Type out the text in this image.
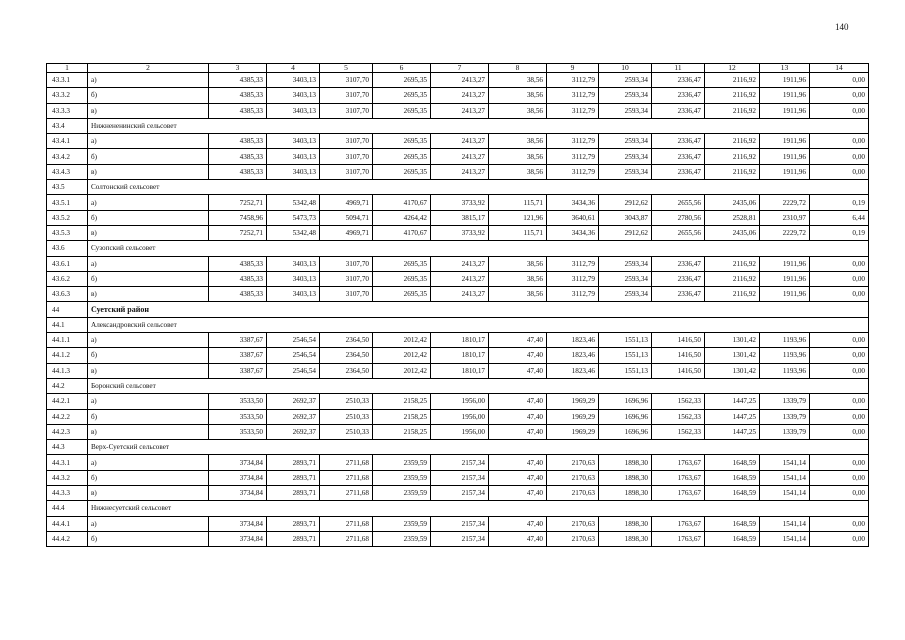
140
1	2	3	4	5	6	7	8	9	10	11	12	13	14
43.3.1	а)	4385,33	3403,13	3107,70	2695,35	2413,27	38,56	3112,79	2593,34	2336,47	2116,92	1911,96	0,00
43.3.2	б)	4385,33	3403,13	3107,70	2695,35	2413,27	38,56	3112,79	2593,34	2336,47	2116,92	1911,96	0,00
43.3.3	в)	4385,33	3403,13	3107,70	2695,35	2413,27	38,56	3112,79	2593,34	2336,47	2116,92	1911,96	0,00
43.4	Нижнененинский сельсовет												
43.4.1	а)	4385,33	3403,13	3107,70	2695,35	2413,27	38,56	3112,79	2593,34	2336,47	2116,92	1911,96	0,00
43.4.2	б)	4385,33	3403,13	3107,70	2695,35	2413,27	38,56	3112,79	2593,34	2336,47	2116,92	1911,96	0,00
43.4.3	в)	4385,33	3403,13	3107,70	2695,35	2413,27	38,56	3112,79	2593,34	2336,47	2116,92	1911,96	0,00
43.5	Солтонский сельсовет												
43.5.1	а)	7252,71	5342,48	4969,71	4170,67	3733,92	115,71	3434,36	2912,62	2655,56	2435,06	2229,72	0,19
43.5.2	б)	7458,96	5473,73	5094,71	4264,42	3815,17	121,96	3640,61	3043,87	2780,56	2528,81	2310,97	6,44
43.5.3	в)	7252,71	5342,48	4969,71	4170,67	3733,92	115,71	3434,36	2912,62	2655,56	2435,06	2229,72	0,19
43.6	Сузопский сельсовет												
43.6.1	а)	4385,33	3403,13	3107,70	2695,35	2413,27	38,56	3112,79	2593,34	2336,47	2116,92	1911,96	0,00
43.6.2	б)	4385,33	3403,13	3107,70	2695,35	2413,27	38,56	3112,79	2593,34	2336,47	2116,92	1911,96	0,00
43.6.3	в)	4385,33	3403,13	3107,70	2695,35	2413,27	38,56	3112,79	2593,34	2336,47	2116,92	1911,96	0,00
44	Суетский район												
44.1	Александровский сельсовет												
44.1.1	а)	3387,67	2546,54	2364,50	2012,42	1810,17	47,40	1823,46	1551,13	1416,50	1301,42	1193,96	0,00
44.1.2	б)	3387,67	2546,54	2364,50	2012,42	1810,17	47,40	1823,46	1551,13	1416,50	1301,42	1193,96	0,00
44.1.3	в)	3387,67	2546,54	2364,50	2012,42	1810,17	47,40	1823,46	1551,13	1416,50	1301,42	1193,96	0,00
44.2	Боронский сельсовет												
44.2.1	а)	3533,50	2692,37	2510,33	2158,25	1956,00	47,40	1969,29	1696,96	1562,33	1447,25	1339,79	0,00
44.2.2	б)	3533,50	2692,37	2510,33	2158,25	1956,00	47,40	1969,29	1696,96	1562,33	1447,25	1339,79	0,00
44.2.3	в)	3533,50	2692,37	2510,33	2158,25	1956,00	47,40	1969,29	1696,96	1562,33	1447,25	1339,79	0,00
44.3	Верх-Суетский сельсовет												
44.3.1	а)	3734,84	2893,71	2711,68	2359,59	2157,34	47,40	2170,63	1898,30	1763,67	1648,59	1541,14	0,00
44.3.2	б)	3734,84	2893,71	2711,68	2359,59	2157,34	47,40	2170,63	1898,30	1763,67	1648,59	1541,14	0,00
44.3.3	в)	3734,84	2893,71	2711,68	2359,59	2157,34	47,40	2170,63	1898,30	1763,67	1648,59	1541,14	0,00
44.4	Нижнесуетский сельсовет												
44.4.1	а)	3734,84	2893,71	2711,68	2359,59	2157,34	47,40	2170,63	1898,30	1763,67	1648,59	1541,14	0,00
44.4.2	б)	3734,84	2893,71	2711,68	2359,59	2157,34	47,40	2170,63	1898,30	1763,67	1648,59	1541,14	0,00
